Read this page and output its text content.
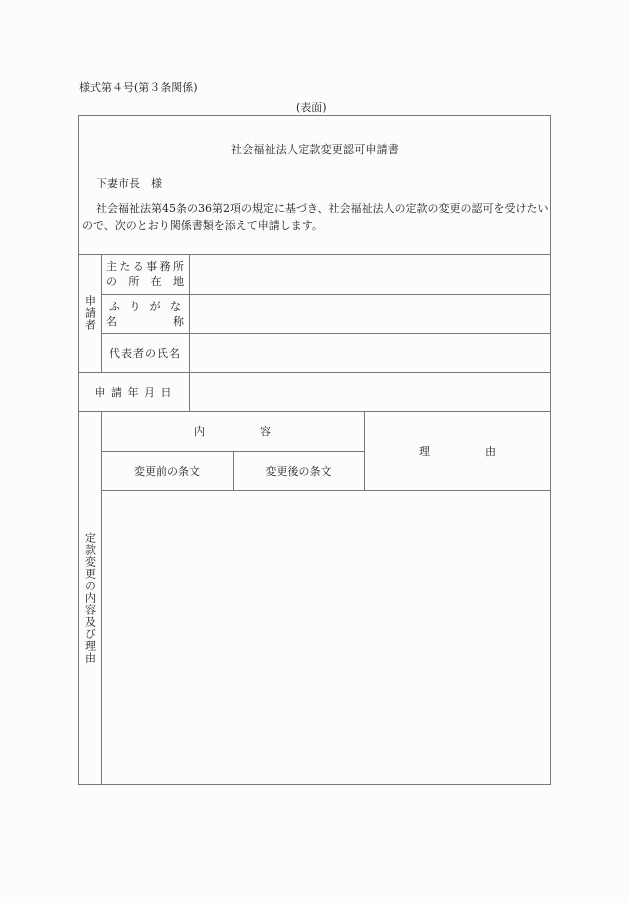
様式第４号(第３条関係)
(表面)
社会福祉法人定款変更認可申請書
下妻市長　様
社会福祉法第45条の36第2項の規定に基づき、社会福祉法人の定款の変更の認可を受けたいので、次のとおり関係書類を添えて申請します。
申請者
主 た る 事 務 所
の 所 在 地
ふ り が な
名	称
代表者の氏名
申 請 年 月 日
定款変更の内容及び理由
内　　　　　容
変更前の条文	変更後の条文
理　　　　　由
